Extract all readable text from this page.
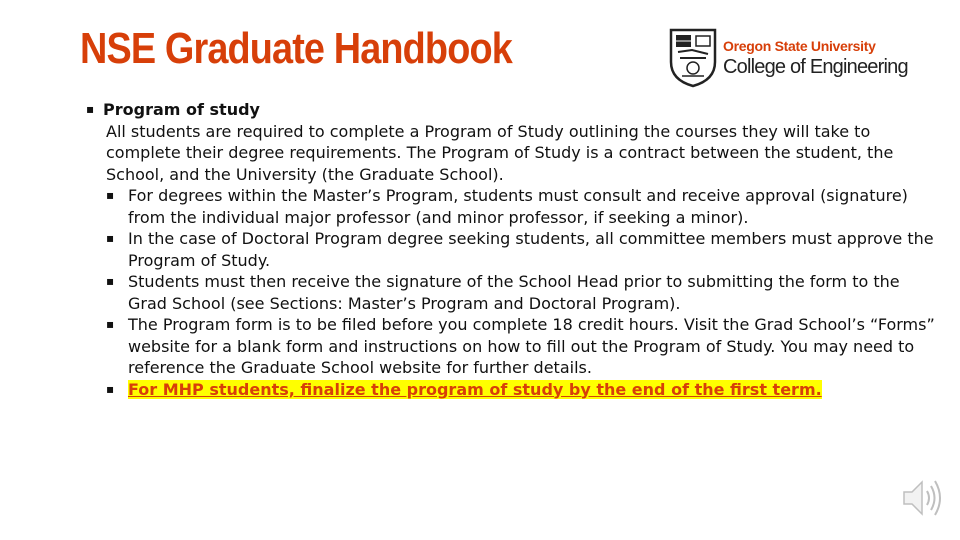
NSE Graduate Handbook	Oregon State University
College of Engineering
▪ Program of study
All students are required to complete a Program of Study outlining the courses they will take to complete their degree requirements. The Program of Study is a contract between the student, the School, and the University (the Graduate School).
▪ For degrees within the Master’s Program, students must consult and receive approval (signature) from the individual major professor (and minor professor, if seeking a minor).
▪ In the case of Doctoral Program degree seeking students, all committee members must approve the Program of Study.
▪ Students must then receive the signature of the School Head prior to submitting the form to the Grad School (see Sections: Master’s Program and Doctoral Program).
▪ The Program form is to be filed before you complete 18 credit hours. Visit the Grad School’s “Forms” website for a blank form and instructions on how to fill out the Program of Study. You may need to reference the Graduate School website for further details.
▪ For MHP students, finalize the program of study by the end of the first term.
